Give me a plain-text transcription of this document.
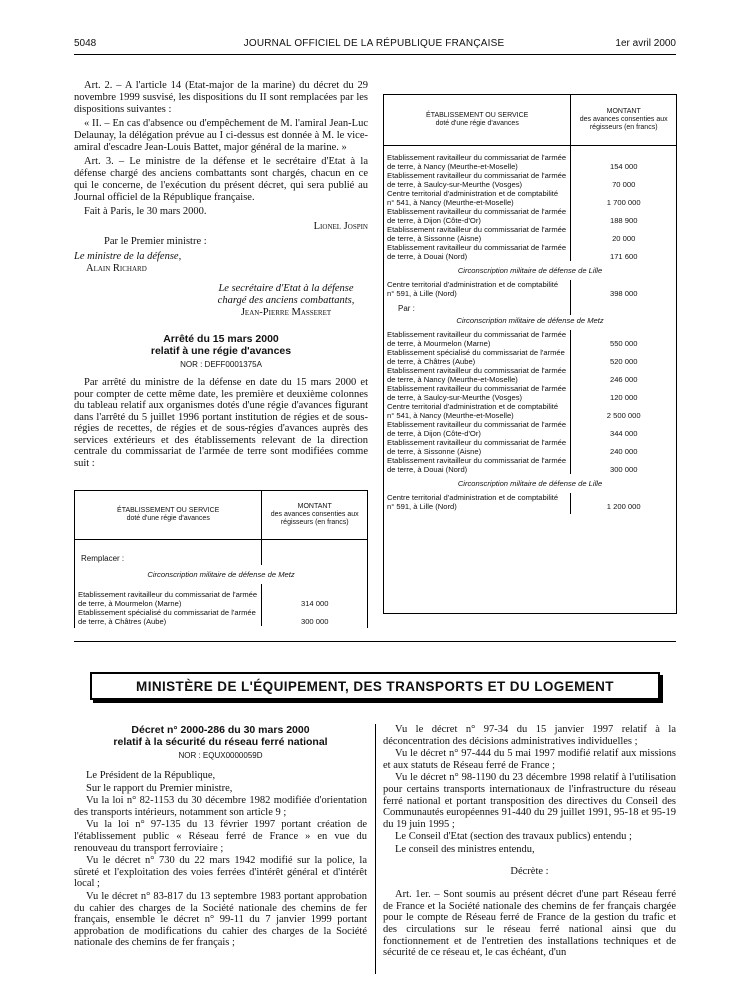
5048	JOURNAL OFFICIEL DE LA RÉPUBLIQUE FRANÇAISE	1er avril 2000

Art. 2. – A l'article 14 (Etat-major de la marine) du décret du 29 novembre 1999 susvisé, les dispositions du II sont remplacées par les dispositions suivantes :

« II. – En cas d'absence ou d'empêchement de M. l'amiral Jean-Luc Delaunay, la délégation prévue au I ci-dessus est donnée à M. le vice-amiral d'escadre Jean-Louis Battet, major général de la marine. »

Art. 3. – Le ministre de la défense et le secrétaire d'Etat à la défense chargé des anciens combattants sont chargés, chacun en ce qui le concerne, de l'exécution du présent décret, qui sera publié au Journal officiel de la République française.

Fait à Paris, le 30 mars 2000.

Lionel Jospin
Par le Premier ministre :
Le ministre de la défense,
Alain Richard
Le secrétaire d'Etat à la défense chargé des anciens combattants,
Jean-Pierre Masseret
Arrêté du 15 mars 2000
relatif à une régie d'avances
NOR : DEFF0001375A

Par arrêté du ministre de la défense en date du 15 mars 2000 et pour compter de cette même date, les première et deuxième colonnes du tableau relatif aux organismes dotés d'une régie d'avances figurant dans l'arrêté du 5 juillet 1996 portant institution de régies et de sous-régies de recettes, de régies et de sous-régies d'avances auprès des services extérieurs et des établissements relevant de la direction centrale du commissariat de l'armée de terre sont modifiées comme suit :

ÉTABLISSEMENT OU SERVICE
doté d'une régie d'avances	MONTANT
des avances consenties aux régisseurs (en francs)
Remplacer :	
Circonscription militaire de défense de Metz	
Etablissement ravitailleur du commissariat de l'armée de terre, à Mourmelon (Marne)	314 000
Etablissement spécialisé du commissariat de l'armée de terre, à Châtres (Aube)	300 000
ÉTABLISSEMENT OU SERVICE
doté d'une régie d'avances	MONTANT
des avances consenties aux régisseurs (en francs)

Etablissement ravitailleur du commissariat de l'armée de terre, à Nancy (Meurthe-et-Moselle)	154 000
Etablissement ravitailleur du commissariat de l'armée de terre, à Saulcy-sur-Meurthe (Vosges)	70 000
Centre territorial d'administration et de comptabilité n° 541, à Nancy (Meurthe-et-Moselle)	1 700 000
Etablissement ravitailleur du commissariat de l'armée de terre, à Dijon (Côte-d'Or)	188 900
Etablissement ravitailleur du commissariat de l'armée de terre, à Sissonne (Aisne)	20 000
Etablissement ravitailleur du commissariat de l'armée de terre, à Douai (Nord)	171 600
Circonscription militaire de défense de Lille	
Centre territorial d'administration et de comptabilité n° 591, à Lille (Nord)	398 000
Par :	
Circonscription militaire de défense de Metz	
Etablissement ravitailleur du commissariat de l'armée de terre, à Mourmelon (Marne)	550 000
Etablissement spécialisé du commissariat de l'armée de terre, à Châtres (Aube)	520 000
Etablissement ravitailleur du commissariat de l'armée de terre, à Nancy (Meurthe-et-Moselle)	246 000
Etablissement ravitailleur du commissariat de l'armée de terre, à Saulcy-sur-Meurthe (Vosges)	120 000
Centre territorial d'administration et de comptabilité n° 541, à Nancy (Meurthe-et-Moselle)	2 500 000
Etablissement ravitailleur du commissariat de l'armée de terre, à Dijon (Côte-d'Or)	344 000
Etablissement ravitailleur du commissariat de l'armée de terre, à Sissonne (Aisne)	240 000
Etablissement ravitailleur du commissariat de l'armée de terre, à Douai (Nord)	300 000
Circonscription militaire de défense de Lille	
Centre territorial d'administration et de comptabilité n° 591, à Lille (Nord)	1 200 000
MINISTÈRE DE L'ÉQUIPEMENT, DES TRANSPORTS ET DU LOGEMENT
Décret n° 2000-286 du 30 mars 2000
relatif à la sécurité du réseau ferré national
NOR : EQUX0000059D

Le Président de la République,

Sur le rapport du Premier ministre,

Vu la loi n° 82-1153 du 30 décembre 1982 modifiée d'orientation des transports intérieurs, notamment son article 9 ;

Vu la loi n° 97-135 du 13 février 1997 portant création de l'établissement public « Réseau ferré de France » en vue du renouveau du transport ferroviaire ;

Vu le décret n° 730 du 22 mars 1942 modifié sur la police, la sûreté et l'exploitation des voies ferrées d'intérêt général et d'intérêt local ;

Vu le décret n° 83-817 du 13 septembre 1983 portant approbation du cahier des charges de la Société nationale des chemins de fer français, ensemble le décret n° 99-11 du 7 janvier 1999 portant approbation de modifications du cahier des charges de la Société nationale des chemins de fer français ;

Vu le décret n° 97-34 du 15 janvier 1997 relatif à la déconcentration des décisions administratives individuelles ;

Vu le décret n° 97-444 du 5 mai 1997 modifié relatif aux missions et aux statuts de Réseau ferré de France ;

Vu le décret n° 98-1190 du 23 décembre 1998 relatif à l'utilisation pour certains transports internationaux de l'infrastructure du réseau ferré national et portant transposition des directives du Conseil des Communautés européennes 91-440 du 29 juillet 1991, 95-18 et 95-19 du 19 juin 1995 ;

Le Conseil d'Etat (section des travaux publics) entendu ;

Le conseil des ministres entendu,

Décrète :

Art. 1er. – Sont soumis au présent décret d'une part Réseau ferré de France et la Société nationale des chemins de fer français chargée pour le compte de Réseau ferré de France de la gestion du trafic et des circulations sur le réseau ferré national ainsi que du fonctionnement et de l'entretien des installations techniques et de sécurité de ce réseau et, le cas échéant, d'un
